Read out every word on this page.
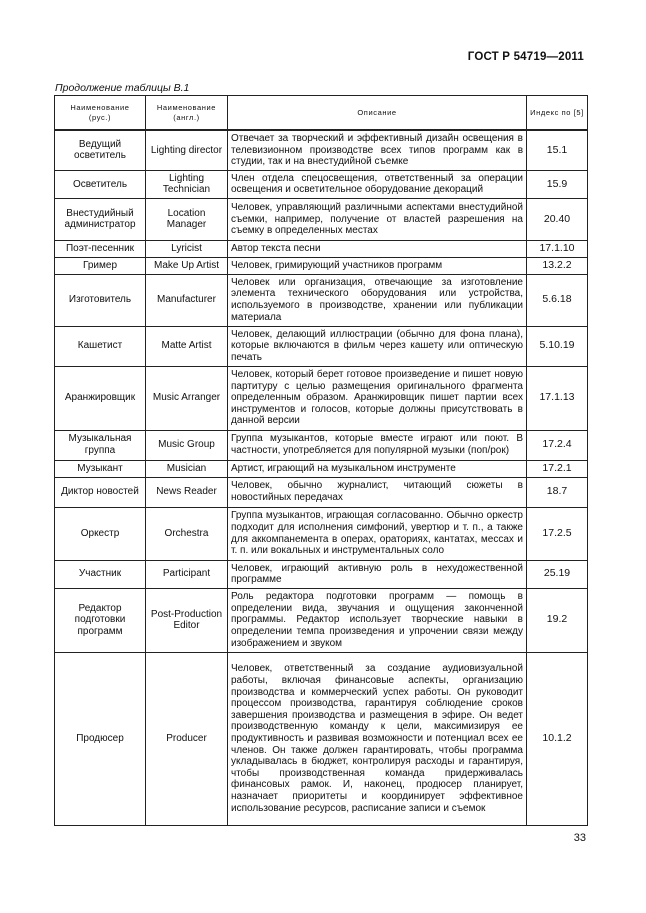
ГОСТ Р 54719—2011
Продолжение таблицы В.1
Наименование (рус.)	Наименование (англ.)	Описание	Индекс по [5]
Ведущий осветитель	Lighting director	Отвечает за творческий и эффективный дизайн освещения в телевизионном производстве всех типов программ как в студии, так и на внестудийной съемке	15.1
Осветитель	Lighting Technician	Член отдела спецосвещения, ответственный за операции освещения и осветительное оборудование декораций	15.9
Внестудийный администратор	Location Manager	Человек, управляющий различными аспектами внестудийной съемки, например, получение от властей разрешения на съемку в определенных местах	20.40
Поэт-песенник	Lyricist	Автор текста песни	17.1.10
Гример	Make Up Artist	Человек, гримирующий участников программ	13.2.2
Изготовитель	Manufacturer	Человек или организация, отвечающие за изготовление элемента технического оборудования или устройства, используемого в производстве, хранении или публикации материала	5.6.18
Кашетист	Matte Artist	Человек, делающий иллюстрации (обычно для фона плана), которые включаются в фильм через кашету или оптическую печать	5.10.19
Аранжировщик	Music Arranger	Человек, который берет готовое произведение и пишет новую партитуру с целью размещения оригинального фрагмента определенным образом. Аранжировщик пишет партии всех инструментов и голосов, которые должны присутствовать в данной версии	17.1.13
Музыкальная группа	Music Group	Группа музыкантов, которые вместе играют или поют. В частности, употребляется для популярной музыки (поп/рок)	17.2.4
Музыкант	Musician	Артист, играющий на музыкальном инструменте	17.2.1
Диктор новостей	News Reader	Человек, обычно журналист, читающий сюжеты в новостийных передачах	18.7
Оркестр	Orchestra	Группа музыкантов, играющая согласованно. Обычно оркестр подходит для исполнения симфоний, увертюр и т. п., а также для аккомпанемента в операх, ораториях, кантатах, мессах и т. п. или вокальных и инструментальных соло	17.2.5
Участник	Participant	Человек, играющий активную роль в нехудожественной программе	25.19
Редактор подготовки программ	Post-Production Editor	Роль редактора подготовки программ — помощь в определении вида, звучания и ощущения законченной программы. Редактор использует творческие навыки в определении темпа произведения и упрочении связи между изображением и звуком	19.2
Продюсер	Producer	Человек, ответственный за создание аудиовизуальной работы, включая финансовые аспекты, организацию производства и коммерческий успех работы. Он руководит процессом производства, гарантируя соблюдение сроков завершения производства и размещения в эфире. Он ведет производственную команду к цели, максимизируя ее продуктивность и развивая возможности и потенциал всех ее членов. Он также должен гарантировать, чтобы программа укладывалась в бюджет, контролируя расходы и гарантируя, чтобы производственная команда придерживалась финансовых рамок. И, наконец, продюсер планирует, назначает приоритеты и координирует эффективное использование ресурсов, расписание записи и съемок	10.1.2
33
